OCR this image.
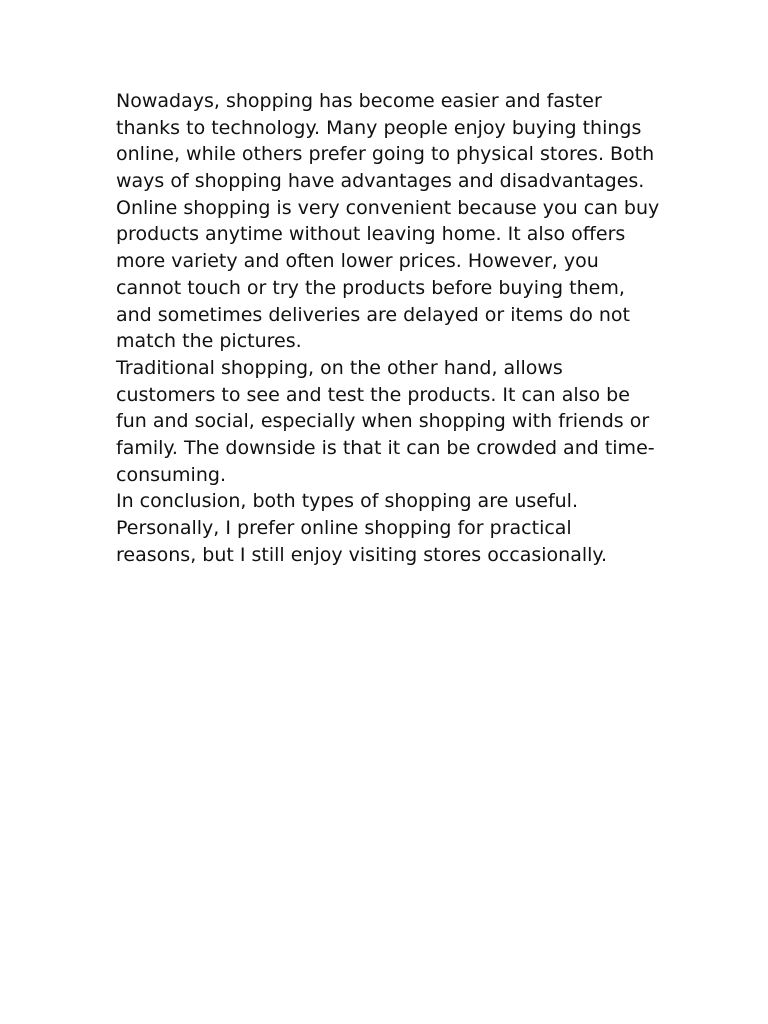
Nowadays, shopping has become easier and faster
thanks to technology. Many people enjoy buying things
online, while others prefer going to physical stores. Both
ways of shopping have advantages and disadvantages.

Online shopping is very convenient because you can buy
products anytime without leaving home. It also offers
more variety and often lower prices. However, you
cannot touch or try the products before buying them,
and sometimes deliveries are delayed or items do not
match the pictures.

Traditional shopping, on the other hand, allows
customers to see and test the products. It can also be
fun and social, especially when shopping with friends or
family. The downside is that it can be crowded and time-
consuming.

In conclusion, both types of shopping are useful.
Personally, I prefer online shopping for practical
reasons, but I still enjoy visiting stores occasionally.
